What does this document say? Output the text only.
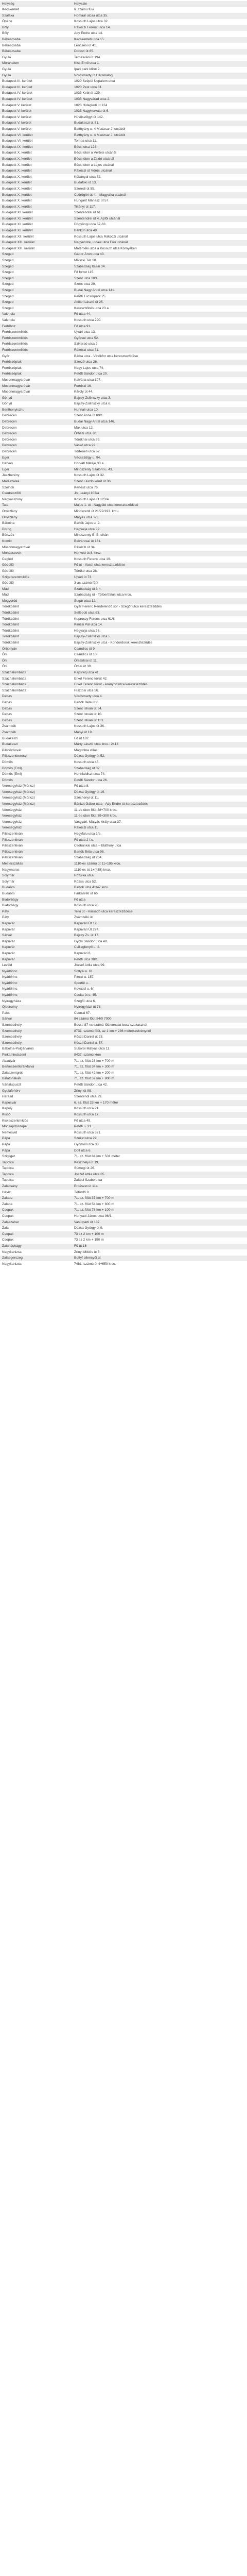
Helység	Helyszín
Kecskemét	Ii. számú füvi
Szaláka	Homaál utcaa utca 35.
Ópéne	Kossuth Lajos utca 32.
Bőly	Rákóczi Ferenc utca 14.
Bőly	Ady Endre utca 14.
Békéscsaba	Kecskeméti utca 15.
Békéscsaba	Lencsési út 41.
Békéscsaba	Dobozi út 85.
Gyula	Temesvári út 194.
Mórahalom	Kiss Ernő utca 1.
Gyula	Ipari park kőrút 9.
Gyula	Vörösmarty út Hársmalog
Budapest III. kerület	1020 Szépül Nepalem utca
Budapest III. kerület	1020 Pest utca 31.
Budapest IV. kerület	1033 Kebi út 139.
Budapest IV. kerület	1035 Nagyvárad utca 2.
Budapest V. kerület	1028 Hidegkuti út 124
Budapest V. kerület	1033 Nagykorvátu út 6.
Budapest V. kerület	Hüvösvölgyi út 142.
Budapest V. kerület	Budakeszi út 51.
Budapest V. kerület	Batthyány u. 4 Madzsar J. utcából
Budapest VI. kerület	Batthyány u. 4 Madzsar J. utcából
Budapest VI. kerület	Tompa utca 11.
Budapest IX. kerület	Bécsi utca 128.
Budapest X. kerület	Bécsi úton a Vértesi utcánál
Budapest X. kerület	Bécsi úton a Zsidó utcánál
Budapest X. kerület	Bécsi úton a Lajos utcánál
Budapest X. kerület	Rákóczi út Vörös utcánál
Budapest X. kerület	Kőbányai utca 72.
Budapest X. kerület	Budafoki út 13.
Budapest X. kerület	Szeredi út 55.
Budapest X. kerület	Csörögöri út 4. - Magyalka utcánál
Budapest X. kerület	Hungarit Mánesz út 57.
Budapest X. kerület	Tiltényi út 117.
Budapest XI. kerület	Szentendrei út 61.
Budapest XI. kerület	Szentendrei út 4. Apfői utcánál
Budapest XI. kerület	Dögyöngi utca 57-63.
Budapest XI. kerület	Bánkút utca 49.
Budapest XII. kerület	Kossuth Lajos utca Rákóczi utcánál
Budapest XIII. kerület	Nagyendre, utcaul utca Fóu utcánál
Budapest XIII. kerület	Mátéméki utca a Kossuth utca Környéken
Szeged	Gábor Áron utca 43.
Szeged	Mikszki Tér 18.
Szeged	Szabadság ltasai 34.
Szeged	Fő forrut 115.
Szeged	Szent utca 183.
Szeged	Szent utca 29.
Szeged	Budai Nagy Antal utca 141.
Szeged	Petőfi Tücsörpark 25.
Szeged	Attilári László út 25.
Szeged	Kereszttöltés utca 23 a
Valencia	Fő utca 44.
Valencia	Kossuth utca 220.
Fertőhoz	Fő utca 91.
Fertőszentmiklós	Ujvári utca 13.
Fertőszentmiklós	Győrsui utca 52.
Fertőszentmiklós	Szikeraó utca 2.
Fertőszentmiklós	Rákóczi utca 71.
Győr	Bárka utca - Virtókfor utca kereszteződése
Fertőszéplak	Szerző utca 26.
Fertőszéplak	Nagy Lajos utca 74.
Fertőszéplak	Petőfi Sándor utca 20.
Mosonmagyaróvár	Kalvária utca 107.
Mosonmagyaróvár	Fertőszi 16.
Mosonmagyaróvár	Károly út 44.
Gönyű	Bajcsy-Zsilinszky utca 3.
Gönyű	Bajcsy-Zsilinszky utca 6.
Benthonyiszhu	Hunnali utca 10.
Debrecen	Szent Anna út 89/1.
Debrecen	Budai Nagy Antal utca 146.
Debrecen	Mák utca 12.
Debrecen	Őrházi utca 20.
Debrecen	Töröknai utca 99.
Debrecen	Vaskő utca 22.
Debrecen	Történeti utca 52.
Eger	Vécsezölgy u. 94.
Hatvan	Horvátl Mátéje 33 a.
Eger	Mindszenty Szalont u. 43.
Jászberény	Kossuth Lajos út 32.
Mátészalka	Szent László körút út 36.
Szolnok	Kertész utca 76.
Cserkeszőlő	Jó, Leányi 103/a
Nagyasszony	Kossuth Lajos út 123/A
Tata	Május 1. út - Nagyáld utca kereszteződésé
Oroszlány	Mindszenti út 21/22/193. krcu.
Oroszlány	Mátyás utca 2/1.
Bábolna	Bartók Jajos u. 2.
Dorog	Hegyalja utca 92.
Bőrszéz	Mindszenty B. B. sikán
Komló	Belvárosai út 131.
Mosonmagyaróvár	Rákóczi út 34.
Mohácsevek	Honvéd út 8. hrsz.
Cegléd	Kossuth Ferenc utca 19.
Gödöllő	Fő út - Vasút utca kereszteződése
Gödöllő	Törökó utca 28.
Szigetszentmiklós	Ujvári út 73.
Gödöllő	3-as számú főút
Mád	Szabadság út 3 n.
Mád	Szabadság út - Tölbertfalusi utca krcu.
Mogyoród	Sugár utca 12.
Törökbálint	Gyár Ferenc Rendelendő sor - Szegőf utca kereszteződés
Törökbálint	Sellépoti utca 63.
Törökbálint	Kuproczy Ferenc utca 61/6.
Törökbálint	Kinizsi Pál utca 14.
Törökbálint	Hegyalja utca 26.
Törökbálint	Bajcsy-Zsilinszky utca 5.
Törökbálint	Bajcsy-Zsilinszky utca - Kondordorsk kereszteződés
Őrbottyán	Csandics út 9
Őri	Csandics út 10.
Őri	Őrsaktsai út 11.
Őri	Őrsai út 39.
Százhalombatta	Papsrétj utca 41.
Százhalombatta	Erkel Ferenc körút 42.
Százhalombatta	Erkel Ferenc körút - Aranyhd utca kereszteződés
Százhalombatta	Hisztosi utca 56.
Dabas	Vörösmarty utca 4.
Dabas	Bartók Béla út 6.
Dabas	Szent István út 54.
Dabas	Szent István út 10.
Dabas	Szent István út 113.
Zsámbék	Kossuth Lajos út 36.
Zsámbék	Mányi út 19.
Budakeszi	Fő út 182.
Budakeszi	Márty László utca krcu.: 2414
Pilisvörösvár	Magdolna villás
Pilisszentkereszt	Dózsa György út 52.
Dömös	Kossuth utca 48.
Dömös (Eml)	Szabadság út 32.
Dömös (Eml)	Hunnialdiszi utca 74.
Dömös	Petőfi Sándor utca 26.
Veresegyház (Móricz)	Fő utca 8.
Veresegyház (Móricz)	Dózsa György út 19.
Veresegyház (Móricz)	Széchenyi út 11.
Veresegyház (Móricz)	Bánkút Gábor utca - Ady Endre út kereszteződés
Veresegyház	11-es úton főút 38+700 krcu.
Veresegyház	11-es úton főút 39+300 krcu.
Veresegyház	Vasgyári, Mátyás király utca 37.
Veresegyház	Rákóczi utca 11
Pilisszentiván	Hegyfalu utca 1/a.
Pilisszentiván	Fő utca 2 f.c.
Pilisszentiván	Csobánkai utca – Bláthory utca
Pilisszentiván	Bartók Béla utca 98.
Pilisszentiván	Szabadság út 204.
Mesterszállás	1110-es számú út 11+195 krcu.
Nagymaros	1110-es út 1+(438) krcu.
Solymár	Rózsika utca
Solymár	Rózsa utca 52.
Budaörs	Bartok utca 41/47 krcu.
Budaörs	Farkasréti út 66.
Biatorbágy	Fő utca
Biatorbágy	Kossuth utca 95.
Páty	Telki út - Hársadó utca kereszteződése
Páty	Zsámbéki út
Kapuvár	Kapuvári Út 12.
Kapuvár	Kapuvári Út 274.
Sárvár	Bajcsy Zs. út 17.
Kapuvár	Gyöki Sándor utca 48.
Kapuvár	Csillagfenyő u. 2.
Kapuvár	Kapuvári 8.
Kapuvár	Petőfi utca 38/1.
Levéld	József Attila utca 99.
Nyárlőrinc	Soltyai u. 61.
Nyárlőrinc	Pinczi u. 157.
Nyárlőrinc	Sporfül u. .
Nyárlőrinc	Kovácsl u. 6/.
Nyárlőrinc	Csuka út u. 45.
Nyíregyháza	Szegfű utca 6.
Öjbersény	Nyíregyházi út 78.
Paks	Cserrai 67.
Sárvár	84 számú főút 84/0 7000
Szombathely	Bucsi, 87-es számú főútvonalat busz szakasznál
Szombathely	8731. számú főút, az 1 km + 236 méterszelvénynél
Szombathely	Kőszti Daniel út 23.
Szombathely	Kőszti Daniel u. 37.
Bábolna-Polgárváros	Sukorói Mátyás utca 11.
Pinkamindszent	8437. számú kton
Abaújvár	71. sz. főút 28 km + 700 m
Berkeszentkirályfalva	71. sz. főút 34 km + 300 m
Zalaszentgrót	71. sz. főút 42 km + 200 m
Balatonakali	71. sz. főút 59 km + 900 m
Várfalupuszt	Petőfi Sándor utca 42.
Gyulafehérv	Zrinyi út 98.
Harasd	Szentendi utca 29.
Kaposvár	6. sz. főút 23 km + 170 méter
Kapoly	Kossuth utca 21.
Kisbő	Kossuth utca 17.
Kiskeszentmiklós	Fő utca 49.
Mocsapdószepél	Petőfi u. 21.
Nemesvid	Kossuth utca 321.
Pápa	Széket utca 22.
Pápa	Gyömoll utca 38.
Pápa	Dolf utca 6.
Szigliget	71. sz. főút 84 km + 501 méter
Tapolca	Keszthelyi út 19.
Tapolca	Sümegi út 26.
Tapolca	Jószef Attila utca 85.
Tapolca	Zalalui Szabó utca
Zalacsány	Erdészet út 11a.
Hévíz	Tófürdő 9.
Zalaba	71. sz. főút 37 km + 700 m
Zalaba	71. sz. főút 54 km + 800 m
Csopak	71. sz. főút 78 km + 100 m
Csopak	Hunyadi János utca 96/1.
Zalaszabar	Vasútparti út 137.
Zala	Dózsa György út 9.
Csopak	73 sz 2 km + 100 m
Csopak	73 sz 2 km + 190 m
Zalaháshágy	Fő út 16
Nagykanizsa	Zrinyi Miklós út 5.
Zalaegerszeg	Bottyf allencyői út
Nagykanizsa	7481. számú út 4+650 krcu.
